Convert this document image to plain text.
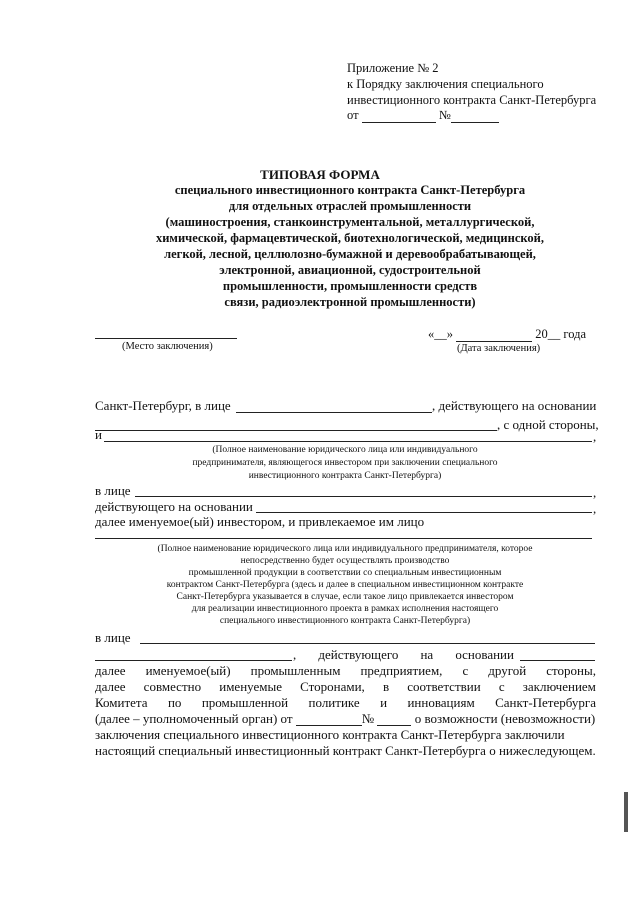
Приложение № 2
к Порядку заключения специального
инвестиционного контракта Санкт-Петербурга
от	№
ТИПОВАЯ ФОРМА
специального инвестиционного контракта Санкт-Петербурга
для отдельных отраслей промышленности
(машиностроения, станкоинструментальной, металлургической,
химической, фармацевтической, биотехнологической, медицинской,
легкой, лесной, целлюлозно-бумажной и деревообрабатывающей,
электронной, авиационной, судостроительной
промышленности, промышленности средств
связи, радиоэлектронной промышленности)
(Место заключения)
«__»	20__ года
(Дата заключения)
Санкт-Петербург, в лице	, действующего на основании
, с одной стороны,
и	,
(Полное наименование юридического лица или индивидуального
предпринимателя, являющегося инвестором при заключении специального
инвестиционного контракта Санкт-Петербурга)
в лице	,
действующего на основании	,
далее именуемое(ый) инвестором, и привлекаемое им лицо
(Полное наименование юридического лица или индивидуального предпринимателя, которое
непосредственно будет осуществлять производство
промышленной продукции в соответствии со специальным инвестиционным
контрактом Санкт-Петербурга (здесь и далее в специальном инвестиционном контракте
Санкт-Петербурга указывается в случае, если такое лицо привлекается инвестором
для реализации инвестиционного проекта в рамках исполнения настоящего
специального инвестиционного контракта Санкт-Петербурга)
в лице
, действующего на основании
далее именуемое(ый) промышленным предприятием, с другой стороны,
далее совместно именуемые Сторонами, в соответствии с заключением
Комитета по промышленной политике и инновациям Санкт-Петербурга
(далее – уполномоченный орган) от	№	о возможности (невозможности)
заключения специального инвестиционного контракта Санкт-Петербурга заключили
настоящий специальный инвестиционный контракт Санкт-Петербурга о нижеследующем.
